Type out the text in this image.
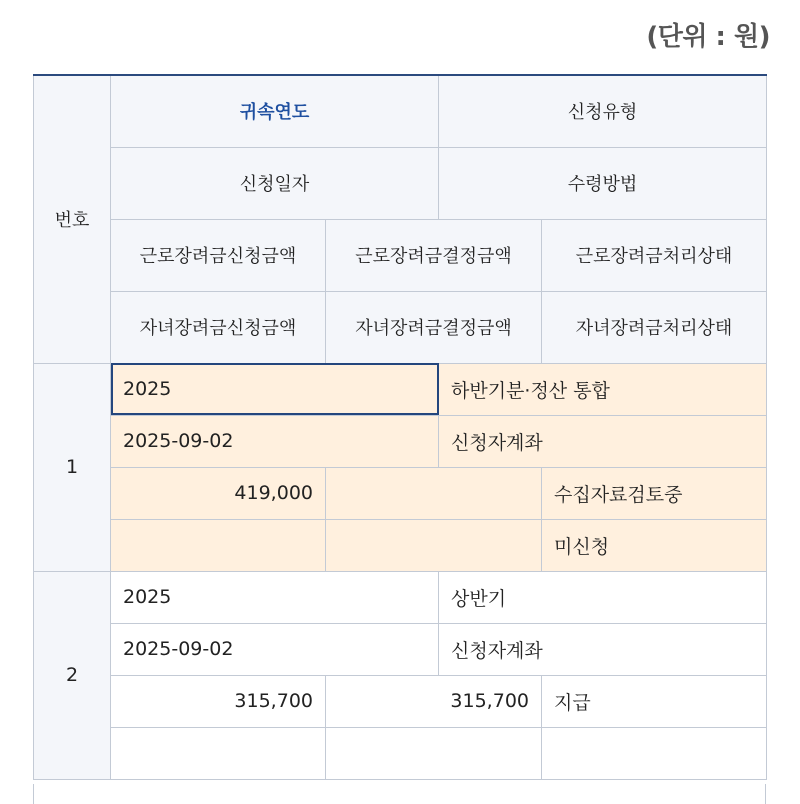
(단위 : 원)
번호	귀속연도		신청유형	
	신청일자		수령방법	
	근로장려금신청금액	근로장려금결정금액		근로장려금처리상태
	자녀장려금신청금액	자녀장려금결정금액		자녀장려금처리상태
1	2025		하반기분·정산 통합	
	2025-09-02		신청자계좌	
	419,000			수집자료검토중
				미신청
2	2025		상반기	
	2025-09-02		신청자계좌	
	315,700	315,700		지급
